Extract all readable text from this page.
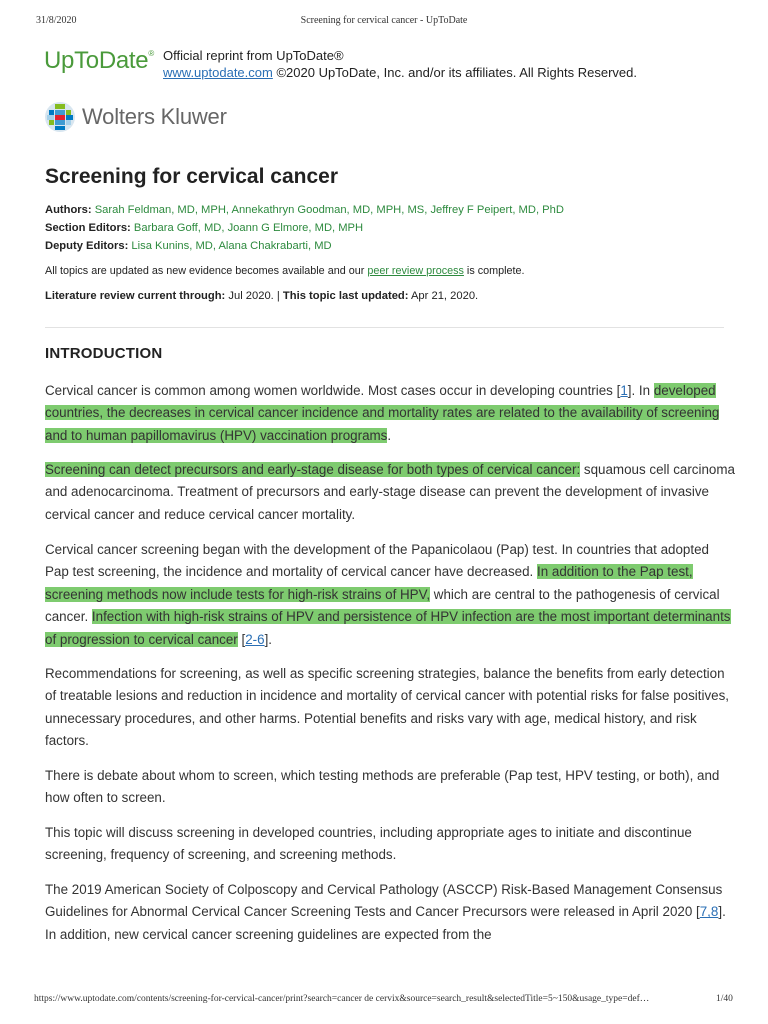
31/8/2020	Screening for cervical cancer - UpToDate
UpToDate® Official reprint from UpToDate®
www.uptodate.com ©2020 UpToDate, Inc. and/or its affiliates. All Rights Reserved.
Wolters Kluwer
Screening for cervical cancer
Authors: Sarah Feldman, MD, MPH, Annekathryn Goodman, MD, MPH, MS, Jeffrey F Peipert, MD, PhD
Section Editors: Barbara Goff, MD, Joann G Elmore, MD, MPH
Deputy Editors: Lisa Kunins, MD, Alana Chakrabarti, MD
All topics are updated as new evidence becomes available and our peer review process is complete.
Literature review current through: Jul 2020. | This topic last updated: Apr 21, 2020.
INTRODUCTION

Cervical cancer is common among women worldwide. Most cases occur in developing countries [1]. In developed countries, the decreases in cervical cancer incidence and mortality rates are related to the availability of screening and to human papillomavirus (HPV) vaccination programs.

Screening can detect precursors and early-stage disease for both types of cervical cancer: squamous cell carcinoma and adenocarcinoma. Treatment of precursors and early-stage disease can prevent the development of invasive cervical cancer and reduce cervical cancer mortality.

Cervical cancer screening began with the development of the Papanicolaou (Pap) test. In countries that adopted Pap test screening, the incidence and mortality of cervical cancer have decreased. In addition to the Pap test, screening methods now include tests for high-risk strains of HPV, which are central to the pathogenesis of cervical cancer. Infection with high-risk strains of HPV and persistence of HPV infection are the most important determinants of progression to cervical cancer [2-6].

Recommendations for screening, as well as specific screening strategies, balance the benefits from early detection of treatable lesions and reduction in incidence and mortality of cervical cancer with potential risks for false positives, unnecessary procedures, and other harms. Potential benefits and risks vary with age, medical history, and risk factors.

There is debate about whom to screen, which testing methods are preferable (Pap test, HPV testing, or both), and how often to screen.

This topic will discuss screening in developed countries, including appropriate ages to initiate and discontinue screening, frequency of screening, and screening methods.

The 2019 American Society of Colposcopy and Cervical Pathology (ASCCP) Risk-Based Management Consensus Guidelines for Abnormal Cervical Cancer Screening Tests and Cancer Precursors were released in April 2020 [7,8]. In addition, new cervical cancer screening guidelines are expected from the

https://www.uptodate.com/contents/screening-for-cervical-cancer/print?search=cancer de cervix&source=search_result&selectedTitle=5~150&usage_type=def…	1/40
